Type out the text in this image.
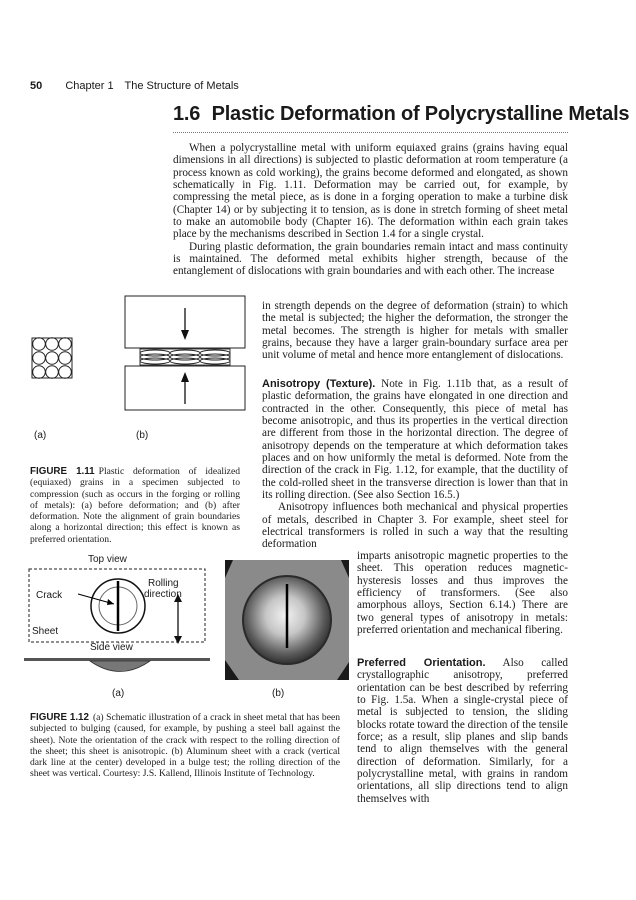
50 Chapter 1 The Structure of Metals
1.6 Plastic Deformation of Polycrystalline Metals

When a polycrystalline metal with uniform equiaxed grains (grains having equal dimensions in all directions) is subjected to plastic deformation at room temperature (a process known as cold working), the grains become deformed and elongated, as shown schematically in Fig. 1.11. Deformation may be carried out, for example, by compressing the metal piece, as is done in a forging operation to make a turbine disk (Chapter 14) or by subjecting it to tension, as is done in stretch forming of sheet metal to make an automobile body (Chapter 16). The deformation within each grain takes place by the mechanisms described in Section 1.4 for a single crystal.

During plastic deformation, the grain boundaries remain intact and mass continuity is maintained. The deformed metal exhibits higher strength, because of the entanglement of dislocations with grain boundaries and with each other. The increase

in strength depends on the degree of deformation (strain) to which the metal is subjected; the higher the deformation, the stronger the metal becomes. The strength is higher for metals with smaller grains, because they have a larger grain-boundary surface area per unit volume of metal and hence more entanglement of dislocations.
(a)	(b)
FIGURE 1.11 Plastic deformation of idealized (equiaxed) grains in a specimen subjected to compression (such as occurs in the forging or rolling of metals): (a) before deformation; and (b) after deformation. Note the alignment of grain boundaries along a horizontal direction; this effect is known as preferred orientation.

Anisotropy (Texture). Note in Fig. 1.11b that, as a result of plastic deformation, the grains have elongated in one direction and contracted in the other. Consequently, this piece of metal has become anisotropic, and thus its properties in the vertical direction are different from those in the horizontal direction. The degree of anisotropy depends on the temperature at which deformation takes places and on how uniformly the metal is deformed. Note from the direction of the crack in Fig. 1.12, for example, that the ductility of the cold-rolled sheet in the transverse direction is lower than that in its rolling direction. (See also Section 16.5.)

Anisotropy influences both mechanical and physical properties of metals, described in Chapter 3. For example, sheet steel for electrical transformers is rolled in such a way that the resulting deformation

imparts anisotropic magnetic properties to the sheet. This operation reduces magnetic-hysteresis losses and thus improves the efficiency of transformers. (See also amorphous alloys, Section 6.14.) There are two general types of anisotropy in metals: preferred orientation and mechanical fibering.

Preferred Orientation. Also called crystallographic anisotropy, preferred orientation can be best described by referring to Fig. 1.5a. When a single-crystal piece of metal is subjected to tension, the sliding blocks rotate toward the direction of the tensile force; as a result, slip planes and slip bands tend to align themselves with the general direction of deformation. Similarly, for a polycrystalline metal, with grains in random orientations, all slip directions tend to align themselves with

Top view
Crack
Rolling
direction
Sheet
Side view
(a)	(b)
FIGURE 1.12 (a) Schematic illustration of a crack in sheet metal that has been subjected to bulging (caused, for example, by pushing a steel ball against the sheet). Note the orientation of the crack with respect to the rolling direction of the sheet; this sheet is anisotropic. (b) Aluminum sheet with a crack (vertical dark line at the center) developed in a bulge test; the rolling direction of the sheet was vertical. Courtesy: J.S. Kallend, Illinois Institute of Technology.
